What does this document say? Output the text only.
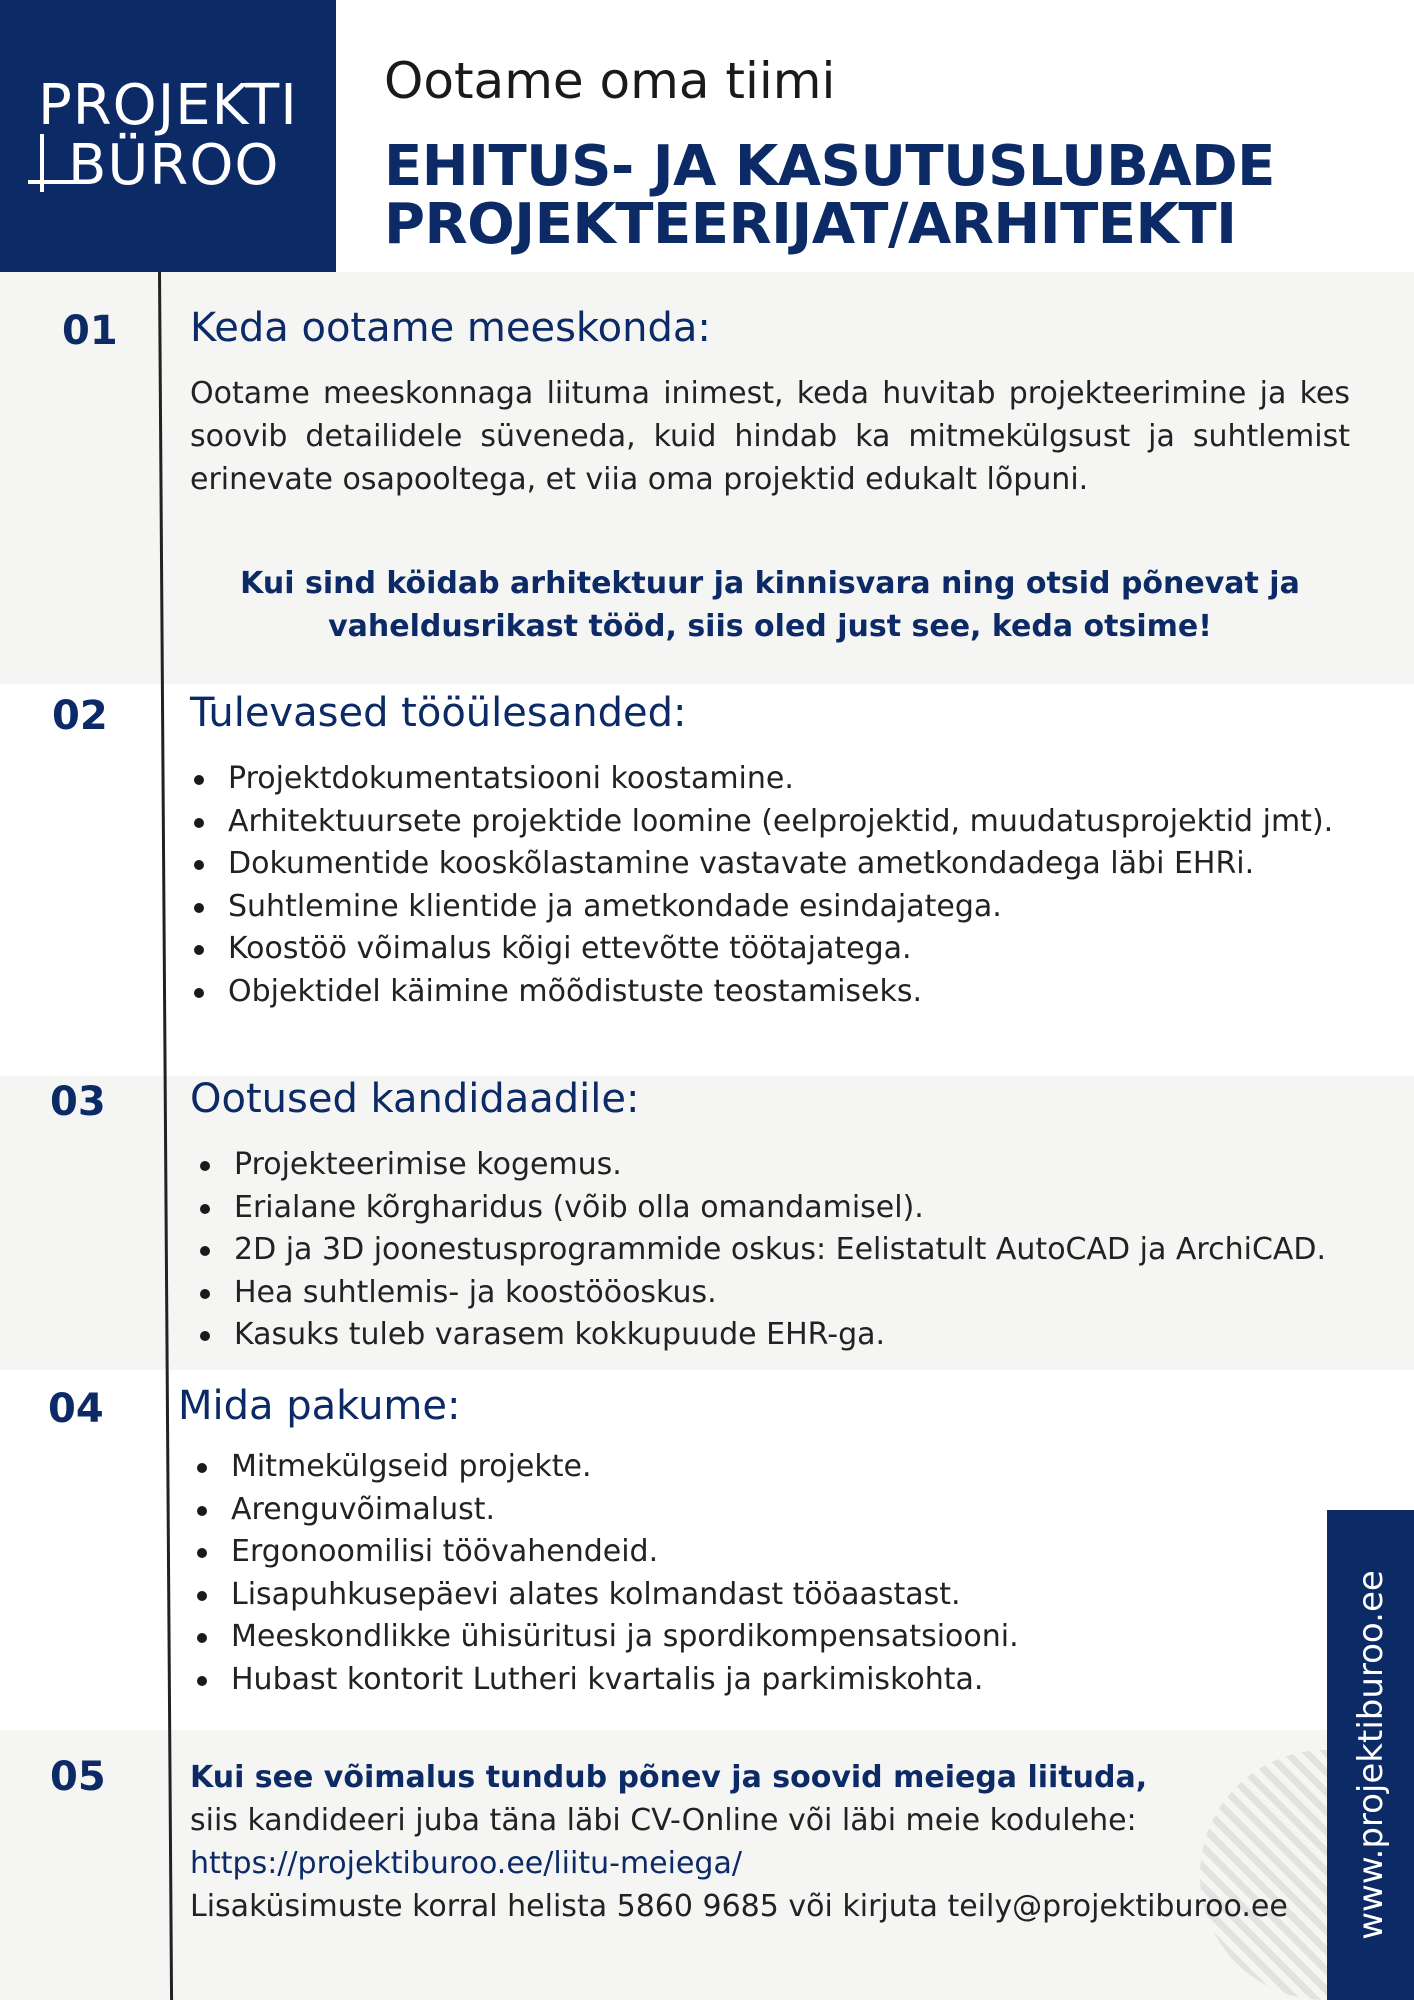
PROJEKTI
BÜROO
Ootame oma tiimi
EHITUS- JA KASUTUSLUBADE
PROJEKTEERIJAT/ARHITEKTI
01 Keda ootame meeskonda:
Ootame meeskonnaga liituma inimest, keda huvitab projekteerimine ja kes soovib detailidele süveneda, kuid hindab ka mitmekülgsust ja suhtlemist erinevate osapooltega, et viia oma projektid edukalt lõpuni.
Kui sind köidab arhitektuur ja kinnisvara ning otsid põnevat ja
vaheldusrikast tööd, siis oled just see, keda otsime!
02 Tulevased tööülesanded:
Projektdokumentatsiooni koostamine.
Arhitektuursete projektide loomine (eelprojektid, muudatusprojektid jmt).
Dokumentide kooskõlastamine vastavate ametkondadega läbi EHRi.
Suhtlemine klientide ja ametkondade esindajatega.
Koostöö võimalus kõigi ettevõtte töötajatega.
Objektidel käimine mõõdistuste teostamiseks.
03 Ootused kandidaadile:
Projekteerimise kogemus.
Erialane kõrgharidus (võib olla omandamisel).
2D ja 3D joonestusprogrammide oskus: Eelistatult AutoCAD ja ArchiCAD.
Hea suhtlemis- ja koostööoskus.
Kasuks tuleb varasem kokkupuude EHR-ga.
04 Mida pakume:
Mitmekülgseid projekte.
Arenguvõimalust.
Ergonoomilisi töövahendeid.
Lisapuhkusepäevi alates kolmandast tööaastast.
Meeskondlikke ühisüritusi ja spordikompensatsiooni.
Hubast kontorit Lutheri kvartalis ja parkimiskohta.
05	Kui see võimalus tundub põnev ja soovid meiega liituda,
siis kandideeri juba täna läbi CV-Online või läbi meie kodulehe:
https://projektiburoo.ee/liitu-meiega/
Lisaküsimuste korral helista 5860 9685 või kirjuta teily@projektiburoo.ee	www.projektiburoo.ee
